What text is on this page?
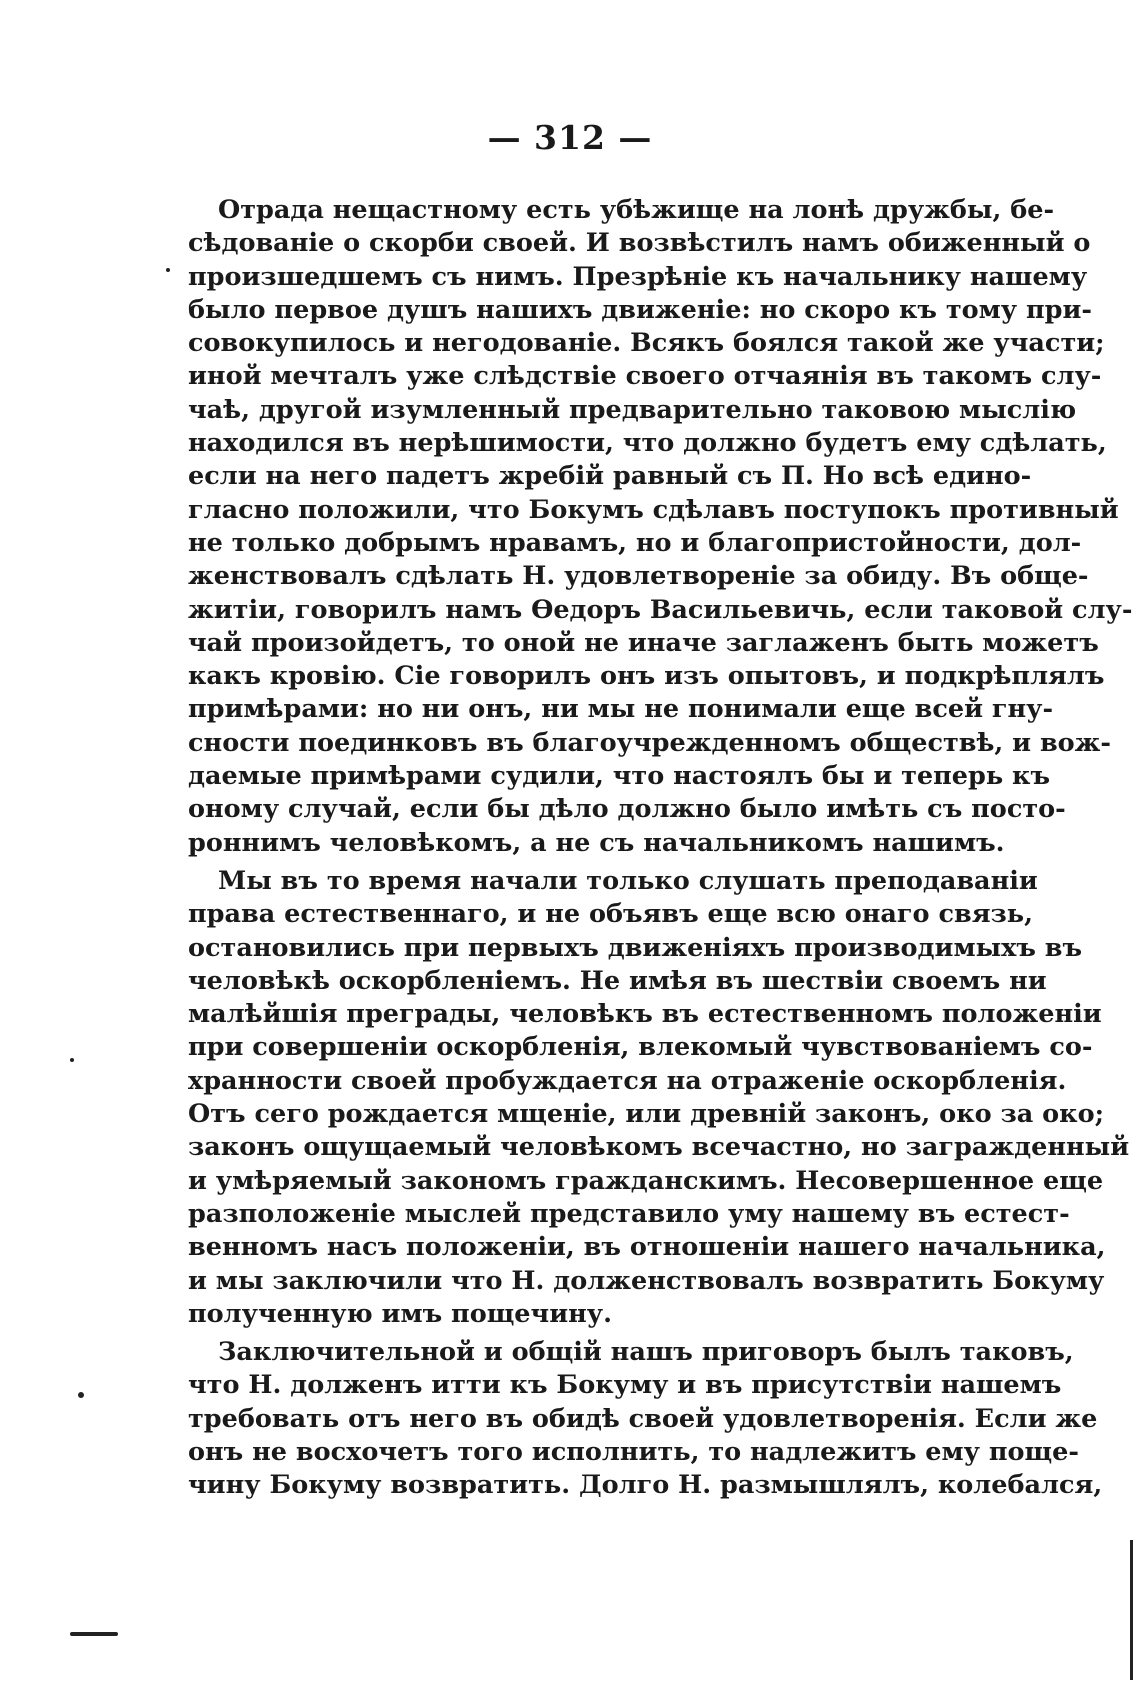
— 312 —
Отрада нещастному есть убѣжище на лонѣ дружбы, бе-
сѣдованіе о скорби своей. И возвѣстилъ намъ обиженный о
произшедшемъ съ нимъ. Презрѣніе къ начальнику нашему
было первое душъ нашихъ движеніе: но скоро къ тому при-
совокупилось и негодованіе. Всякъ боялся такой же участи;
иной мечталъ уже слѣдствіе своего отчаянія въ такомъ слу-
чаѣ, другой изумленный предварительно таковою мыслію
находился въ нерѣшимости, что должно будетъ ему сдѣлать,
если на него падетъ жребій равный съ П. Но всѣ едино-
гласно положили, что Бокумъ сдѣлавъ поступокъ противный
не только добрымъ нравамъ, но и благопристойности, дол-
женствовалъ сдѣлать Н. удовлетвореніе за обиду. Въ обще-
житіи, говорилъ намъ Ѳедоръ Васильевичь, если таковой слу-
чай произойдетъ, то оной не иначе заглаженъ быть можетъ
какъ кровію. Сіе говорилъ онъ изъ опытовъ, и подкрѣплялъ
примѣрами: но ни онъ, ни мы не понимали еще всей гну-
сности поединковъ въ благоучрежденномъ обществѣ, и вож-
даемые примѣрами судили, что настоялъ бы и теперь къ
оному случай, если бы дѣло должно было имѣть съ посто-
роннимъ человѣкомъ, а не съ начальникомъ нашимъ.
Мы въ то время начали только слушать преподаваніи
права естественнаго, и не объявъ еще всю онаго связь,
остановились при первыхъ движеніяхъ производимыхъ въ
человѣкѣ оскорбленіемъ. Не имѣя въ шествіи своемъ ни
малѣйшія преграды, человѣкъ въ естественномъ положеніи
при совершеніи оскорбленія, влекомый чувствованіемъ со-
хранности своей пробуждается на отраженіе оскорбленія.
Отъ сего рождается мщеніе, или древній законъ, око за око;
законъ ощущаемый человѣкомъ всечастно, но загражденный
и умѣряемый закономъ гражданскимъ. Несовершенное еще
разположеніе мыслей представило уму нашему въ естест-
венномъ насъ положеніи, въ отношеніи нашего начальника,
и мы заключили что Н. долженствовалъ возвратить Бокуму
полученную имъ пощечину.
Заключительной и общій нашъ приговоръ былъ таковъ,
что Н. долженъ итти къ Бокуму и въ присутствіи нашемъ
требовать отъ него въ обидѣ своей удовлетворенія. Если же
онъ не восхочетъ того исполнить, то надлежитъ ему поще-
чину Бокуму возвратить. Долго Н. размышлялъ, колебался,
